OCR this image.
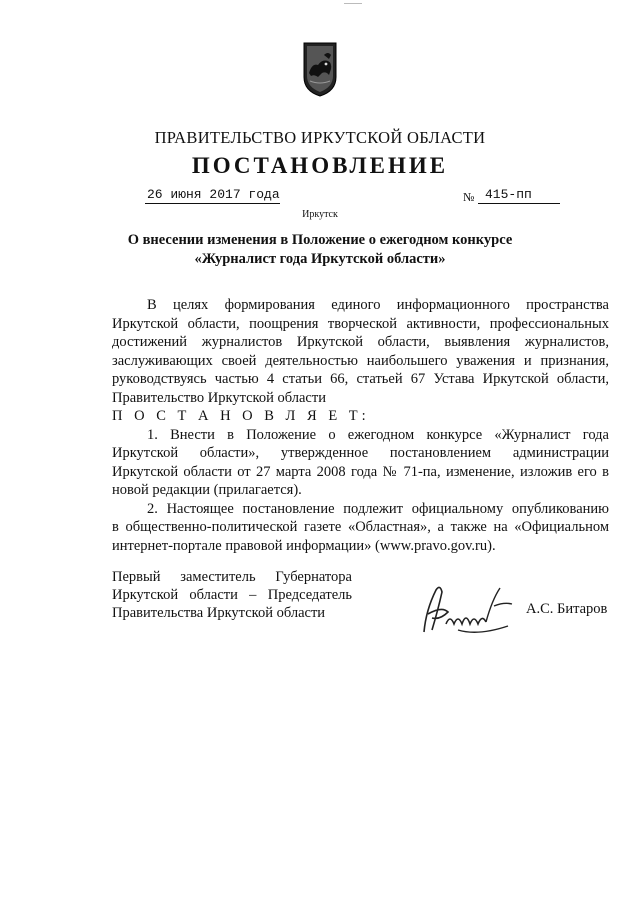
ПРАВИТЕЛЬСТВО ИРКУТСКОЙ ОБЛАСТИ
ПОСТАНОВЛЕНИЕ
26 июня 2017 года	№ 415-пп
Иркутск
О внесении изменения в Положение о ежегодном конкурсе
«Журналист года Иркутской области»

В целях формирования единого информационного пространства

Иркутской области, поощрения творческой активности, профессиональных

достижений журналистов Иркутской области, выявления журналистов,

заслуживающих своей деятельностью наибольшего уважения и признания,

руководствуясь частью 4 статьи 66, статьей 67 Устава Иркутской области,

Правительство Иркутской области

П О С Т А Н О В Л Я Е Т:

1. Внести в Положение о ежегодном конкурсе «Журналист года

Иркутской области», утвержденное постановлением администрации

Иркутской области от 27 марта 2008 года № 71-па, изменение, изложив его в

новой редакции (прилагается).

2. Настоящее постановление подлежит официальному опубликованию

в общественно-политической газете «Областная», а также на «Официальном

интернет-портале правовой информации» (www.pravo.gov.ru).

Первый заместитель Губернатора
Иркутской области – Председатель
Правительства Иркутской области	А.С. Битаров
